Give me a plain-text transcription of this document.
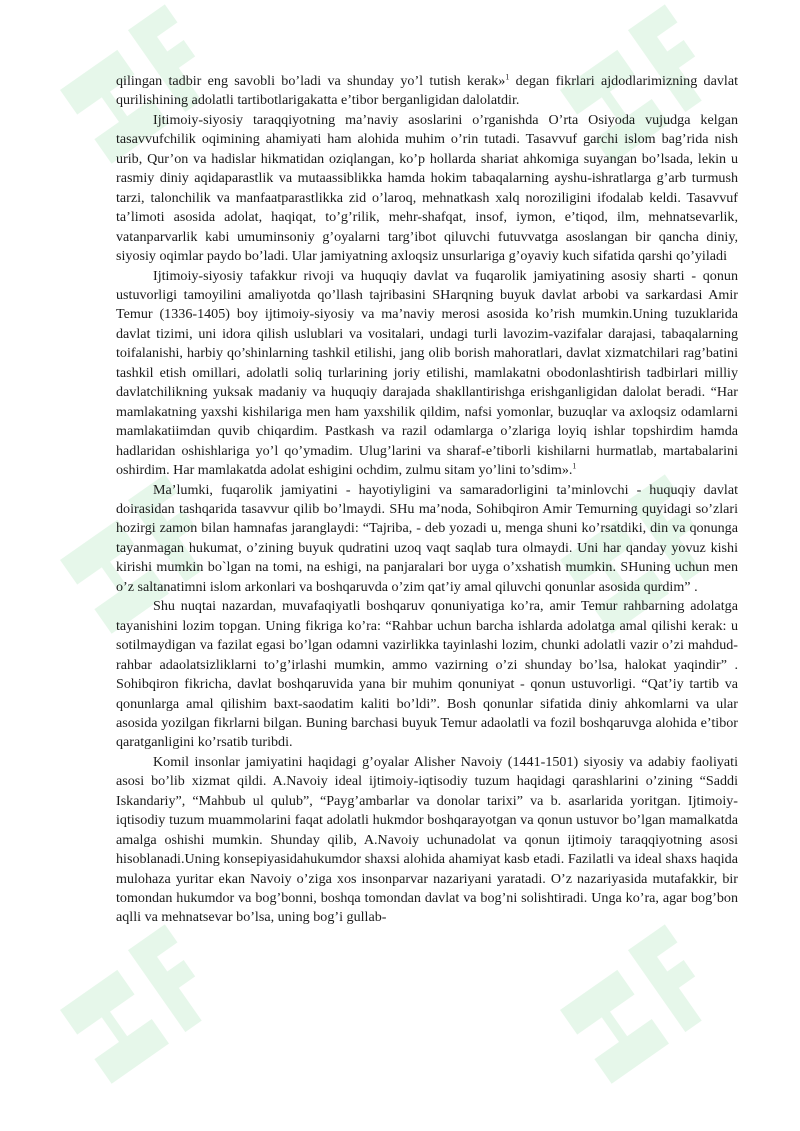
qilingan tadbir eng savobli bo’ladi va shunday yo’l tutish kerak»$^1$ degan fikrlari ajdodlarimizning davlat qurilishining adolatli tartibotlarigakatta e’tibor berganligidan dalolatdir.

Ijtimoiy-siyosiy taraqqiyotning ma’naviy asoslarini o’rganishda O’rta Osiyoda vujudga kelgan tasavvufchilik oqimining ahamiyati ham alohida muhim o’rin tutadi. Tasavvuf garchi islom bag’rida nish urib, Qur’on va hadislar hikmatidan oziqlangan, ko’p hollarda shariat ahkomiga suyangan bo’lsada, lekin u rasmiy diniy aqidaparastlik va mutaassiblikka hamda hokim tabaqalarning ayshu-ishratlarga g’arb turmush tarzi, talonchilik va manfaatparastlikka zid o’laroq, mehnatkash xalq noroziligini ifodalab keldi. Tasavvuf ta’limoti asosida adolat, haqiqat, to’g’rilik, mehr-shafqat, insof, iymon, e’tiqod, ilm, mehnatsevarlik, vatanparvarlik kabi umuminsoniy g’oyalarni targ’ibot qiluvchi futuvvatga asoslangan bir qancha diniy, siyosiy oqimlar paydo bo’ladi. Ular jamiyatning axloqsiz unsurlariga g’oyaviy kuch sifatida qarshi qo’yiladi

Ijtimoiy-siyosiy tafakkur rivoji va huquqiy davlat va fuqarolik jamiyatining asosiy sharti - qonun ustuvorligi tamoyilini amaliyotda qo’llash tajribasini SHarqning buyuk davlat arbobi va sarkardasi Amir Temur (1336-1405) boy ijtimoiy-siyosiy va ma’naviy merosi asosida ko’rish mumkin.Uning tuzuklarida davlat tizimi, uni idora qilish uslublari va vositalari, undagi turli lavozim-vazifalar darajasi, tabaqalarning toifalanishi, harbiy qo’shinlarning tashkil etilishi, jang olib borish mahoratlari, davlat xizmatchilari rag’batini tashkil etish omillari, adolatli soliq turlarining joriy etilishi, mamlakatni obodonlashtirish tadbirlari milliy davlatchilikning yuksak madaniy va huquqiy darajada shakllantirishga erishganligidan dalolat beradi. “Har mamlakatning yaxshi kishilariga men ham yaxshilik qildim, nafsi yomonlar, buzuqlar va axloqsiz odamlarni mamlakatiimdan quvib chiqardim. Pastkash va razil odamlarga o’zlariga loyiq ishlar topshirdim hamda hadlaridan oshishlariga yo’l qo’ymadim. Ulug’larini va sharaf-e’tiborli kishilarni hurmatlab, martabalarini oshirdim. Har mamlakatda adolat eshigini ochdim, zulmu sitam yo’lini to’sdim».$^1$

Ma’lumki, fuqarolik jamiyatini - hayotiyligini va samaradorligini ta’minlovchi - huquqiy davlat doirasidan tashqarida tasavvur qilib bo’lmaydi. SHu ma’noda, Sohibqiron Amir Temurning quyidagi so’zlari hozirgi zamon bilan hamnafas jaranglaydi: “Tajriba, - deb yozadi u, menga shuni ko’rsatdiki, din va qonunga tayanmagan hukumat, o’zining buyuk qudratini uzoq vaqt saqlab tura olmaydi. Uni har qanday yovuz kishi kirishi mumkin bo`lgan na tomi, na eshigi, na panjaralari bor uyga o’xshatish mumkin. SHuning uchun men o’z saltanatimni islom arkonlari va boshqaruvda o’zim qat’iy amal qiluvchi qonunlar asosida qurdim” .

Shu nuqtai nazardan, muvafaqiyatli boshqaruv qonuniyatiga ko’ra, amir Temur rahbarning adolatga tayanishini lozim topgan. Uning fikriga ko’ra: “Rahbar uchun barcha ishlarda adolatga amal qilishi kerak: u sotilmaydigan va fazilat egasi bo’lgan odamni vazirlikka tayinlashi lozim, chunki adolatli vazir o’zi mahdud-rahbar adaolatsizliklarni to’g’irlashi mumkin, ammo vazirning o’zi shunday bo’lsa, halokat yaqindir” . Sohibqiron fikricha, davlat boshqaruvida yana bir muhim qonuniyat - qonun ustuvorligi. “Qat’iy tartib va qonunlarga amal qilishim baxt-saodatim kaliti bo’ldi”. Bosh qonunlar sifatida diniy ahkomlarni va ular asosida yozilgan fikrlarni bilgan. Buning barchasi buyuk Temur adaolatli va fozil boshqaruvga alohida e’tibor qaratganligini ko’rsatib turibdi.

Komil insonlar jamiyatini haqidagi g’oyalar Alisher Navoiy (1441-1501) siyosiy va adabiy faoliyati asosi bo’lib xizmat qildi. A.Navoiy ideal ijtimoiy-iqtisodiy tuzum haqidagi qarashlarini o’zining “Saddi Iskandariy”, “Mahbub ul qulub”, “Payg’ambarlar va donolar tarixi” va b. asarlarida yoritgan. Ijtimoiy-iqtisodiy tuzum muammolarini faqat adolatli hukmdor boshqarayotgan va qonun ustuvor bo’lgan mamalkatda amalga oshishi mumkin. Shunday qilib, A.Navoiy uchunadolat va qonun ijtimoiy taraqqiyotning asosi hisoblanadi.Uning konsepiyasidahukumdor shaxsi alohida ahamiyat kasb etadi. Fazilatli va ideal shaxs haqida mulohaza yuritar ekan Navoiy o’ziga xos insonparvar nazariyani yaratadi. O’z nazariyasida mutafakkir, bir tomondan hukumdor va bog’bonni, boshqa tomondan davlat va bog’ni solishtiradi. Unga ko’ra, agar bog’bon aqlli va mehnatsevar bo’lsa, uning bog’i gullab-
